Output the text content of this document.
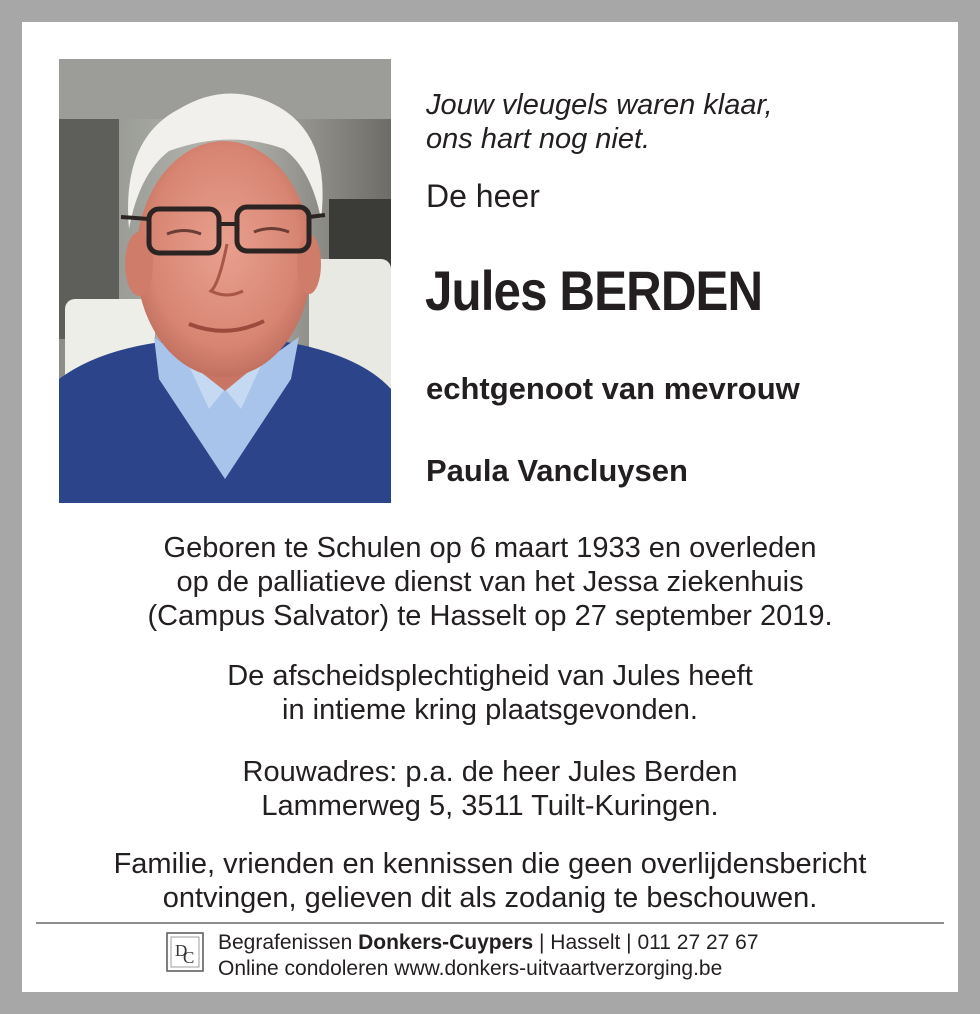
Jouw vleugels waren klaar,
ons hart nog niet.
De heer
Jules BERDEN
echtgenoot van mevrouw
Paula Vancluysen
Geboren te Schulen op 6 maart 1933 en overleden
op de palliatieve dienst van het Jessa ziekenhuis
(Campus Salvator) te Hasselt op 27 september 2019.
De afscheidsplechtigheid van Jules heeft
in intieme kring plaatsgevonden.
Rouwadres: p.a. de heer Jules Berden
Lammerweg 5, 3511 Tuilt-Kuringen.
Familie, vrienden en kennissen die geen overlijdensbericht
ontvingen, gelieven dit als zodanig te beschouwen.
D
C
Begrafenissen Donkers-Cuypers | Hasselt | 011 27 27 67
Online condoleren www.donkers-uitvaartverzorging.be
